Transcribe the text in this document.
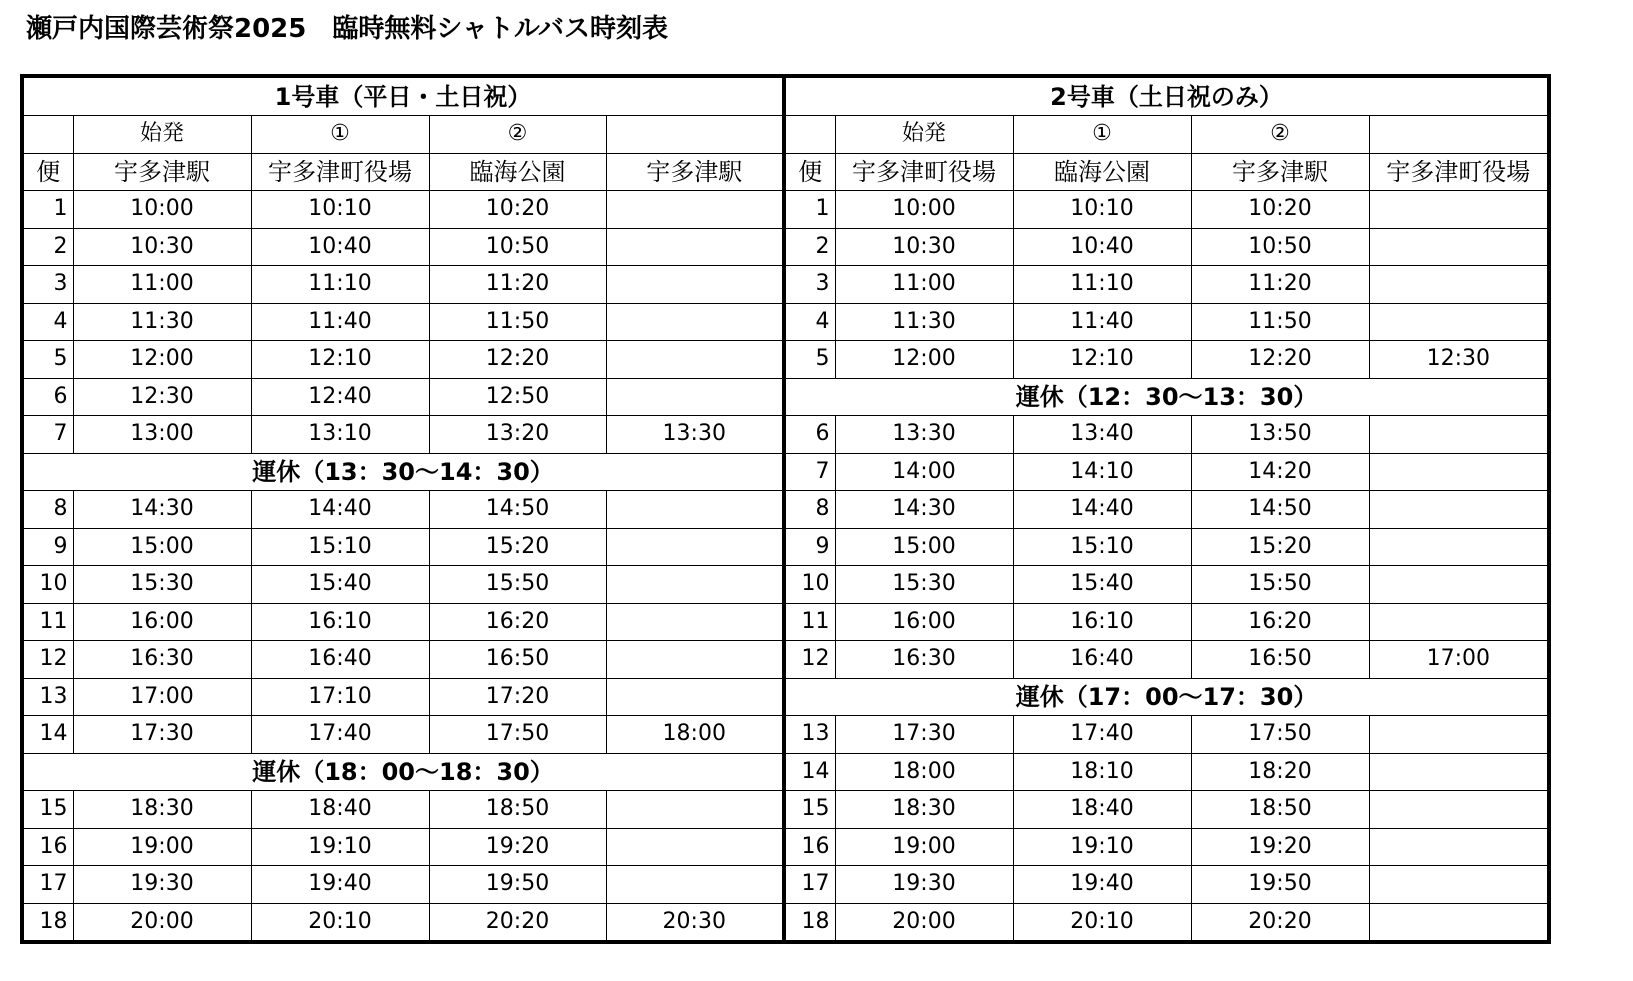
瀬戸内国際芸術祭2025　臨時無料シャトルバス時刻表
1号車（平日・土日祝）				
	始発	①	②	
便	宇多津駅	宇多津町役場	臨海公園	宇多津駅
1	10:00	10:10	10:20	
2	10:30	10:40	10:50	
3	11:00	11:10	11:20	
4	11:30	11:40	11:50	
5	12:00	12:10	12:20	
6	12:30	12:40	12:50	
7	13:00	13:10	13:20	13:30
運休（13：30～14：30）				
8	14:30	14:40	14:50	
9	15:00	15:10	15:20	
10	15:30	15:40	15:50	
11	16:00	16:10	16:20	
12	16:30	16:40	16:50	
13	17:00	17:10	17:20	
14	17:30	17:40	17:50	18:00
運休（18：00～18：30）				
15	18:30	18:40	18:50	
16	19:00	19:10	19:20	
17	19:30	19:40	19:50	
18	20:00	20:10	20:20	20:30
2号車（土日祝のみ）				
	始発	①	②	
便	宇多津町役場	臨海公園	宇多津駅	宇多津町役場
1	10:00	10:10	10:20	
2	10:30	10:40	10:50	
3	11:00	11:10	11:20	
4	11:30	11:40	11:50	
5	12:00	12:10	12:20	12:30
運休（12：30～13：30）				
6	13:30	13:40	13:50	
7	14:00	14:10	14:20	
8	14:30	14:40	14:50	
9	15:00	15:10	15:20	
10	15:30	15:40	15:50	
11	16:00	16:10	16:20	
12	16:30	16:40	16:50	17:00
運休（17：00～17：30）				
13	17:30	17:40	17:50	
14	18:00	18:10	18:20	
15	18:30	18:40	18:50	
16	19:00	19:10	19:20	
17	19:30	19:40	19:50	
18	20:00	20:10	20:20	
